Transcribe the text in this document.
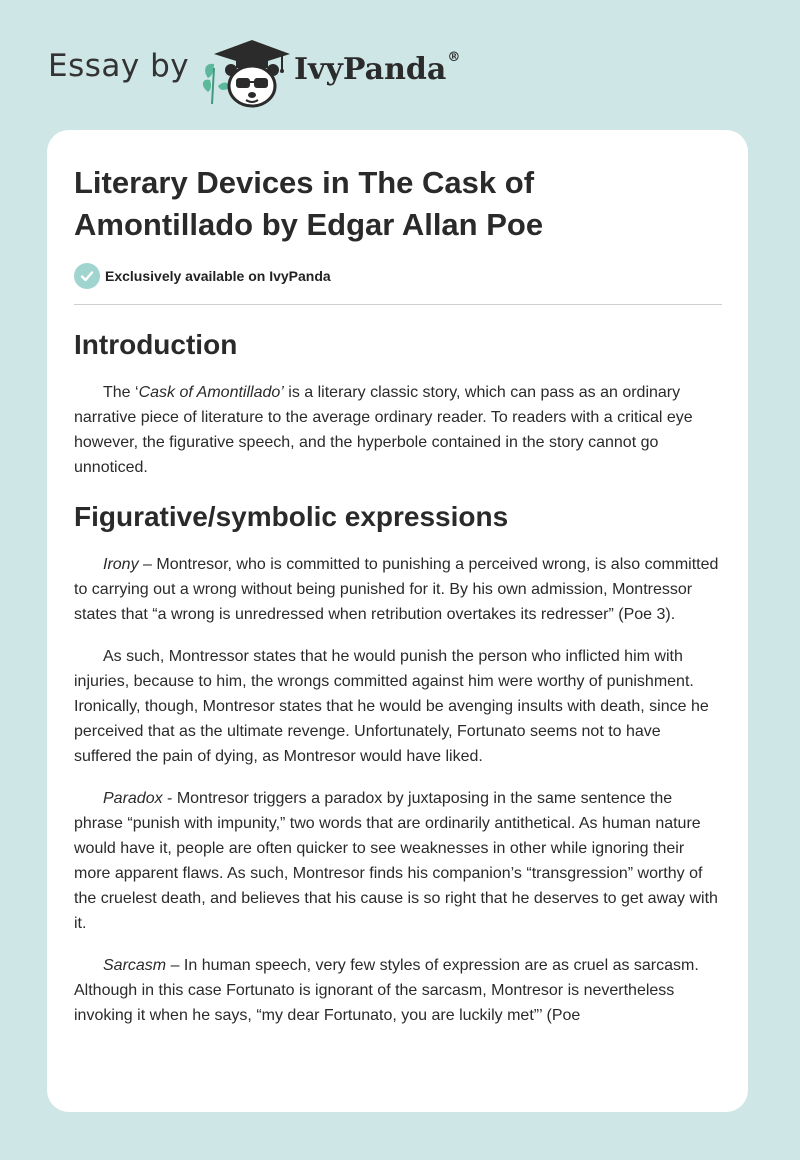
Essay by	IvyPanda®
Literary Devices in The Cask of Amontillado by Edgar Allan Poe
Exclusively available on IvyPanda
Introduction

The ‘Cask of Amontillado’ is a literary classic story, which can pass as an ordinary narrative piece of literature to the average ordinary reader. To readers with a critical eye however, the figurative speech, and the hyperbole contained in the story cannot go unnoticed.

Figurative/symbolic expressions

Irony – Montresor, who is committed to punishing a perceived wrong, is also committed to carrying out a wrong without being punished for it. By his own admission, Montressor states that “a wrong is unredressed when retribution overtakes its redresser” (Poe 3).

As such, Montressor states that he would punish the person who inflicted him with injuries, because to him, the wrongs committed against him were worthy of punishment. Ironically, though, Montresor states that he would be avenging insults with death, since he perceived that as the ultimate revenge. Unfortunately, Fortunato seems not to have suffered the pain of dying, as Montresor would have liked.

Paradox - Montresor triggers a paradox by juxtaposing in the same sentence the phrase “punish with impunity,” two words that are ordinarily antithetical. As human nature would have it, people are often quicker to see weaknesses in other while ignoring their more apparent flaws. As such, Montresor finds his companion’s “transgression” worthy of the cruelest death, and believes that his cause is so right that he deserves to get away with it.

Sarcasm – In human speech, very few styles of expression are as cruel as sarcasm. Although in this case Fortunato is ignorant of the sarcasm, Montresor is nevertheless invoking it when he says, “my dear Fortunato, you are luckily met”’ (Poe
